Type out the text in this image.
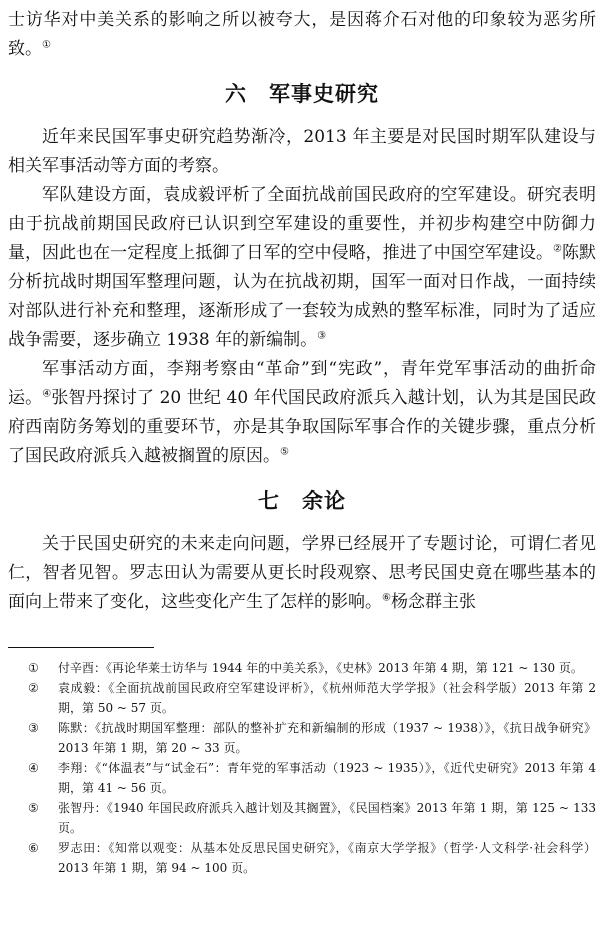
士访华对中美关系的影响之所以被夸大，是因蒋介石对他的印象较为恶劣所致。①

六 军事史研究

近年来民国军事史研究趋势渐冷，2013 年主要是对民国时期军队建设与相关军事活动等方面的考察。

军队建设方面，袁成毅评析了全面抗战前国民政府的空军建设。研究表明由于抗战前期国民政府已认识到空军建设的重要性，并初步构建空中防御力量，因此也在一定程度上抵御了日军的空中侵略，推进了中国空军建设。②陈默分析抗战时期国军整理问题，认为在抗战初期，国军一面对日作战，一面持续对部队进行补充和整理，逐渐形成了一套较为成熟的整军标准，同时为了适应战争需要，逐步确立 1938 年的新编制。③

军事活动方面，李翔考察由“革命”到“宪政”，青年党军事活动的曲折命运。④张智丹探讨了 20 世纪 40 年代国民政府派兵入越计划，认为其是国民政府西南防务筹划的重要环节，亦是其争取国际军事合作的关键步骤，重点分析了国民政府派兵入越被搁置的原因。⑤

七 余论

关于民国史研究的未来走向问题，学界已经展开了专题讨论，可谓仁者见仁，智者见智。罗志田认为需要从更长时段观察、思考民国史竟在哪些基本的面向上带来了变化，这些变化产生了怎样的影响。⑥杨念群主张

①	付辛酉：《再论华莱士访华与 1944 年的中美关系》，《史林》2013 年第 4 期，第 121 ~ 130 页。
②	袁成毅：《全面抗战前国民政府空军建设评析》，《杭州师范大学学报》（社会科学版）2013 年第 2 期，第 50 ~ 57 页。
③	陈默：《抗战时期国军整理：部队的整补扩充和新编制的形成（1937 ~ 1938）》，《抗日战争研究》2013 年第 1 期，第 20 ~ 33 页。
④	李翔：《“体温表”与“试金石”：青年党的军事活动（1923 ~ 1935）》，《近代史研究》2013 年第 4 期，第 41 ~ 56 页。
⑤	张智丹：《1940 年国民政府派兵入越计划及其搁置》，《民国档案》2013 年第 1 期，第 125 ~ 133 页。
⑥	罗志田：《知常以观变：从基本处反思民国史研究》，《南京大学学报》（哲学·人文科学·社会科学）2013 年第 1 期，第 94 ~ 100 页。
